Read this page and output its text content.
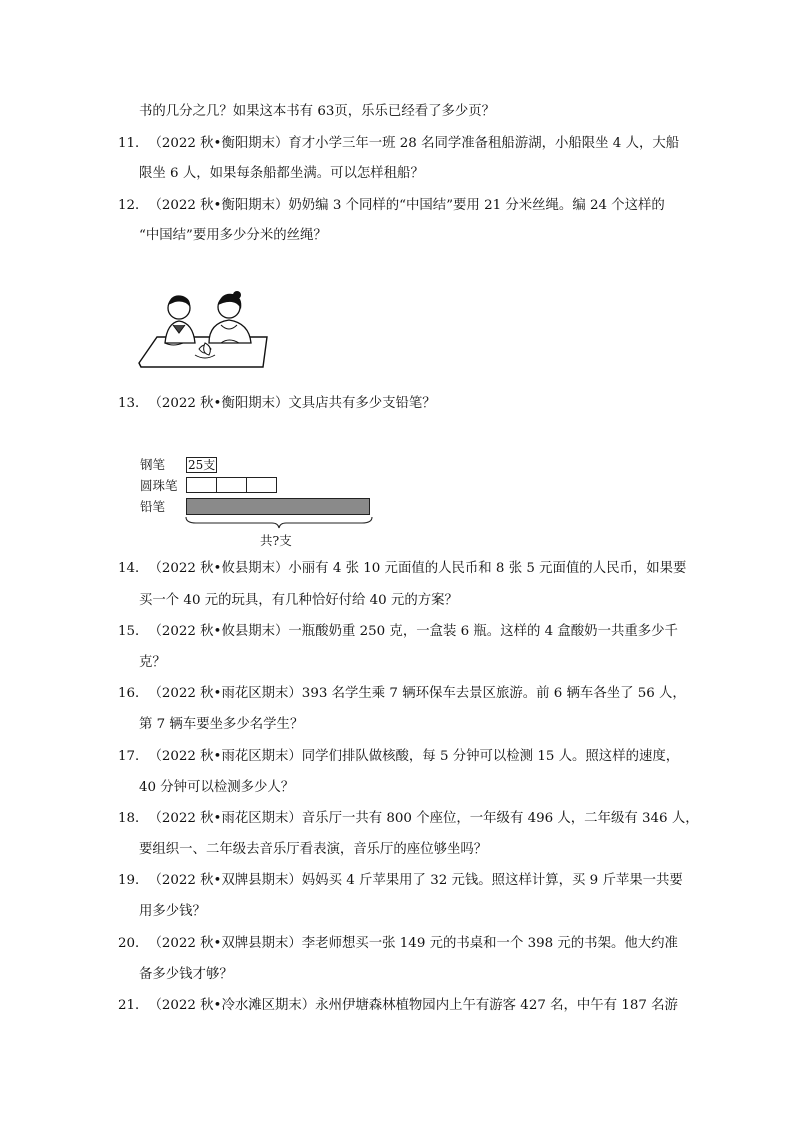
书的几分之几？如果这本书有 63页，乐乐已经看了多少页？
11．（2022 秋•衡阳期末）育才小学三年一班 28 名同学准备租船游湖，小船限坐 4 人，大船
限坐 6 人，如果每条船都坐满。可以怎样租船？
12．（2022 秋•衡阳期末）奶奶编 3 个同样的“中国结”要用 21 分米丝绳。编 24 个这样的
“中国结”要用多少分米的丝绳？
13．（2022 秋•衡阳期末）文具店共有多少支铅笔？
钢笔
圆珠笔
铅笔
25支
共?支
14．（2022 秋•攸县期末）小丽有 4 张 10 元面值的人民币和 8 张 5 元面值的人民币，如果要
买一个 40 元的玩具，有几种恰好付给 40 元的方案？
15．（2022 秋•攸县期末）一瓶酸奶重 250 克，一盒装 6 瓶。这样的 4 盒酸奶一共重多少千
克？
16．（2022 秋•雨花区期末）393 名学生乘 7 辆环保车去景区旅游。前 6 辆车各坐了 56 人，
第 7 辆车要坐多少名学生？
17．（2022 秋•雨花区期末）同学们排队做核酸，每 5 分钟可以检测 15 人。照这样的速度，
40 分钟可以检测多少人？
18．（2022 秋•雨花区期末）音乐厅一共有 800 个座位，一年级有 496 人，二年级有 346 人，
要组织一、二年级去音乐厅看表演，音乐厅的座位够坐吗？
19．（2022 秋•双牌县期末）妈妈买 4 斤苹果用了 32 元钱。照这样计算，买 9 斤苹果一共要
用多少钱？
20．（2022 秋•双牌县期末）李老师想买一张 149 元的书桌和一个 398 元的书架。他大约准
备多少钱才够？
21．（2022 秋•冷水滩区期末）永州伊塘森林植物园内上午有游客 427 名，中午有 187 名游
